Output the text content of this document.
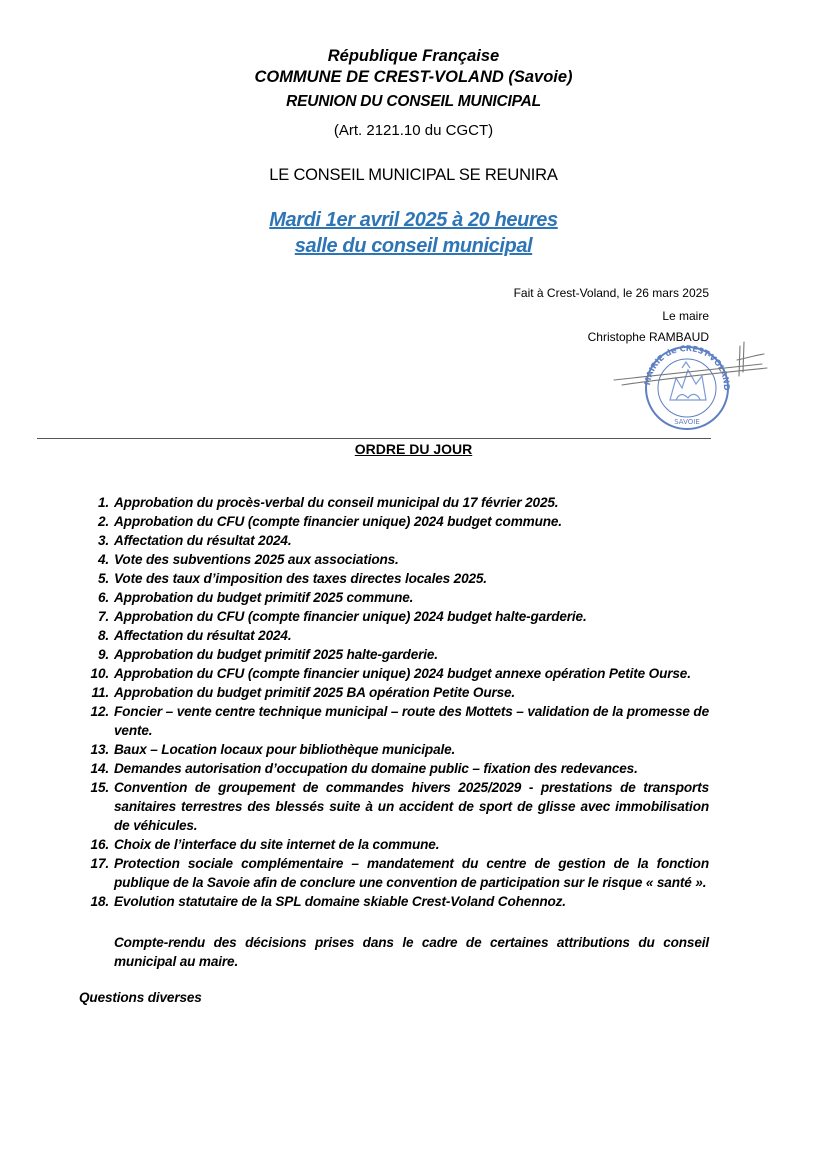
République Française
COMMUNE DE CREST-VOLAND (Savoie)
REUNION DU CONSEIL MUNICIPAL
(Art. 2121.10 du CGCT)
LE CONSEIL MUNICIPAL SE REUNIRA
Mardi 1er avril 2025 à 20 heures
salle du conseil municipal
Fait à Crest-Voland, le 26 mars 2025
Le maire
Christophe RAMBAUD
MAIRIE de CREST-VOLAND
SAVOIE
ORDRE DU JOUR
1. Approbation du procès-verbal du conseil municipal du 17 février 2025.
2. Approbation du CFU (compte financier unique) 2024 budget commune.
3. Affectation du résultat 2024.
4. Vote des subventions 2025 aux associations.
5. Vote des taux d’imposition des taxes directes locales 2025.
6. Approbation du budget primitif 2025 commune.
7. Approbation du CFU (compte financier unique) 2024 budget halte-garderie.
8. Affectation du résultat 2024.
9. Approbation du budget primitif 2025 halte-garderie.
10. Approbation du CFU (compte financier unique) 2024 budget annexe opération Petite Ourse.
11. Approbation du budget primitif 2025 BA opération Petite Ourse.
12. Foncier – vente centre technique municipal – route des Mottets – validation de la promesse de vente.
13. Baux – Location locaux pour bibliothèque municipale.
14. Demandes autorisation d’occupation du domaine public – fixation des redevances.
15. Convention de groupement de commandes hivers 2025/2029 - prestations de transports sanitaires terrestres des blessés suite à un accident de sport de glisse avec immobilisation de véhicules.
16. Choix de l’interface du site internet de la commune.
17. Protection sociale complémentaire – mandatement du centre de gestion de la fonction publique de la Savoie afin de conclure une convention de participation sur le risque « santé ».
18. Evolution statutaire de la SPL domaine skiable Crest-Voland Cohennoz.
Compte-rendu des décisions prises dans le cadre de certaines attributions du conseil municipal au maire.
Questions diverses
